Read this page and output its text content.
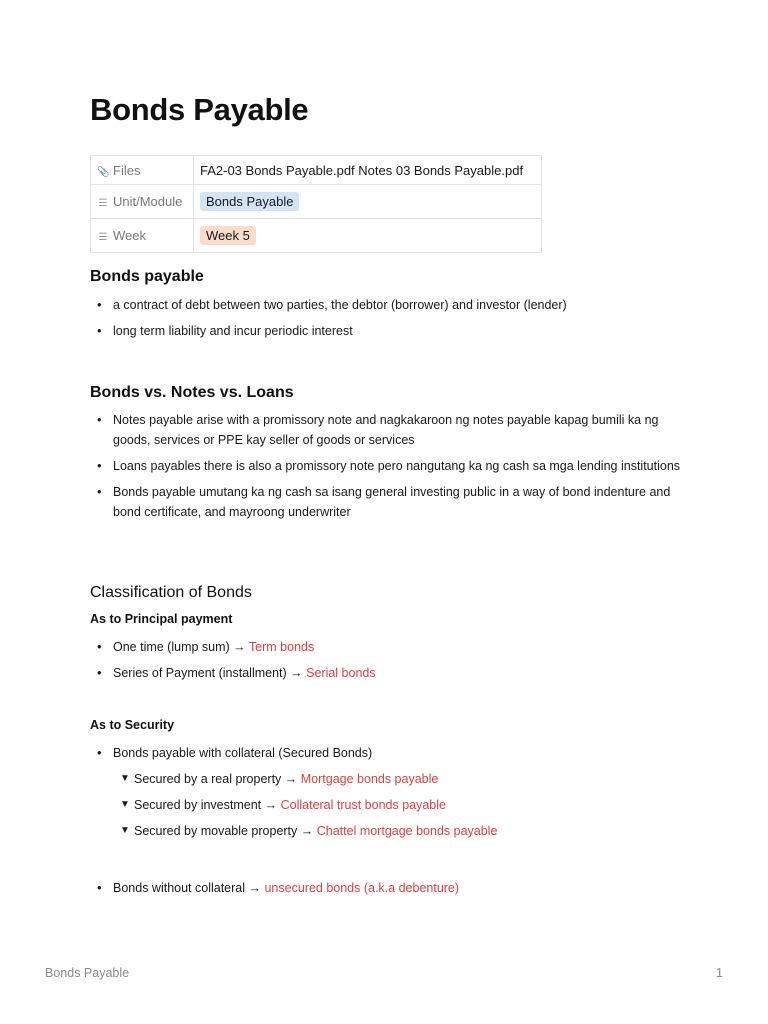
Bonds Payable
📎 Files	FA2-03 Bonds Payable.pdf Notes 03 Bonds Payable.pdf
☰ Unit/Module	Bonds Payable
☰ Week	Week 5
Bonds payable
• a contract of debt between two parties, the debtor (borrower) and investor (lender)
• long term liability and incur periodic interest
Bonds vs. Notes vs. Loans
• Notes payable arise with a promissory note and nagkakaroon ng notes payable kapag bumili ka ng goods, services or PPE kay seller of goods or services
• Loans payables there is also a promissory note pero nangutang ka ng cash sa mga lending institutions
• Bonds payable umutang ka ng cash sa isang general investing public in a way of bond indenture and bond certificate, and mayroong underwriter
Classification of Bonds
As to Principal payment
• One time (lump sum) → Term bonds
• Series of Payment (installment) → Serial bonds
As to Security
• Bonds payable with collateral (Secured Bonds)
▼ Secured by a real property → Mortgage bonds payable
▼ Secured by investment → Collateral trust bonds payable
▼ Secured by movable property → Chattel mortgage bonds payable
• Bonds without collateral → unsecured bonds (a.k.a debenture)
Bonds Payable	1
